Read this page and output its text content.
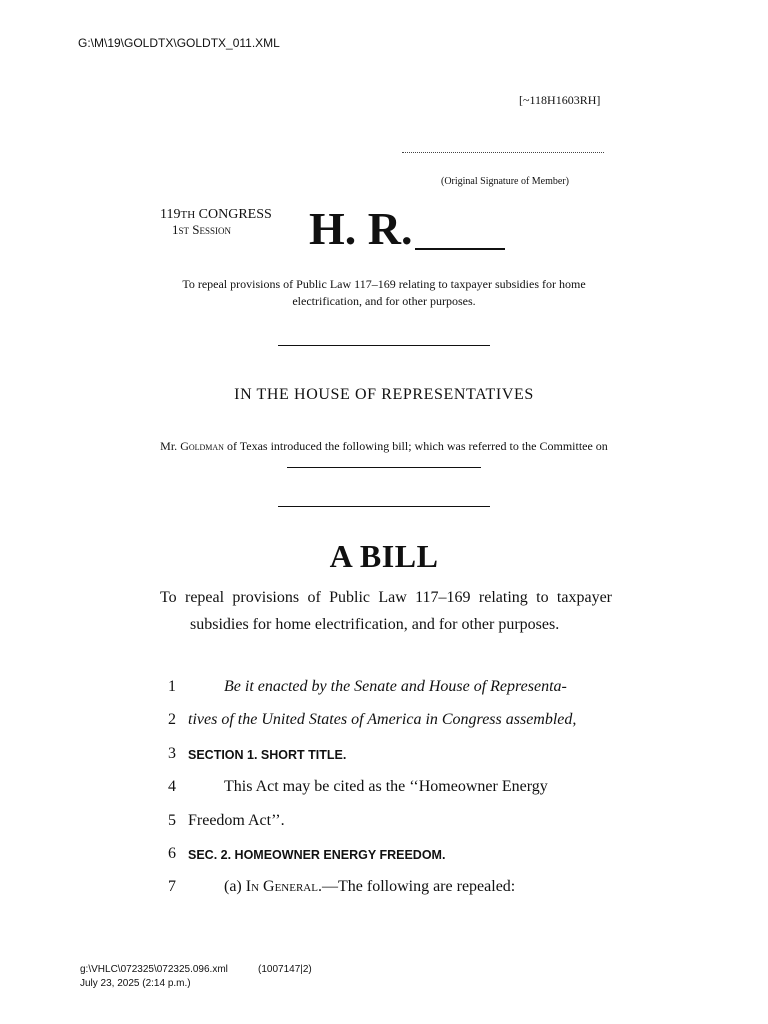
G:\M\19\GOLDTX\GOLDTX_011.XML
[~118H1603RH]
(Original Signature of Member)
119TH CONGRESS
1st Session H. R.
To repeal provisions of Public Law 117–169 relating to taxpayer subsidies for home electrification, and for other purposes.
IN THE HOUSE OF REPRESENTATIVES
Mr. Goldman of Texas introduced the following bill; which was referred to the Committee on
A BILL

To repeal provisions of Public Law 117–169 relating to taxpayer subsidies for home electrification, and for other purposes.

1	Be it enacted by the Senate and House of Representa-
2 tives of the United States of America in Congress assembled,
3 SECTION 1. SHORT TITLE.
4	This Act may be cited as the ‘‘Homeowner Energy
5 Freedom Act’’.
6 SEC. 2. HOMEOWNER ENERGY FREEDOM.
7	(a) In General.—The following are repealed:
g:\VHLC\072325\072325.096.xml	(1007147|2)
July 23, 2025 (2:14 p.m.)
